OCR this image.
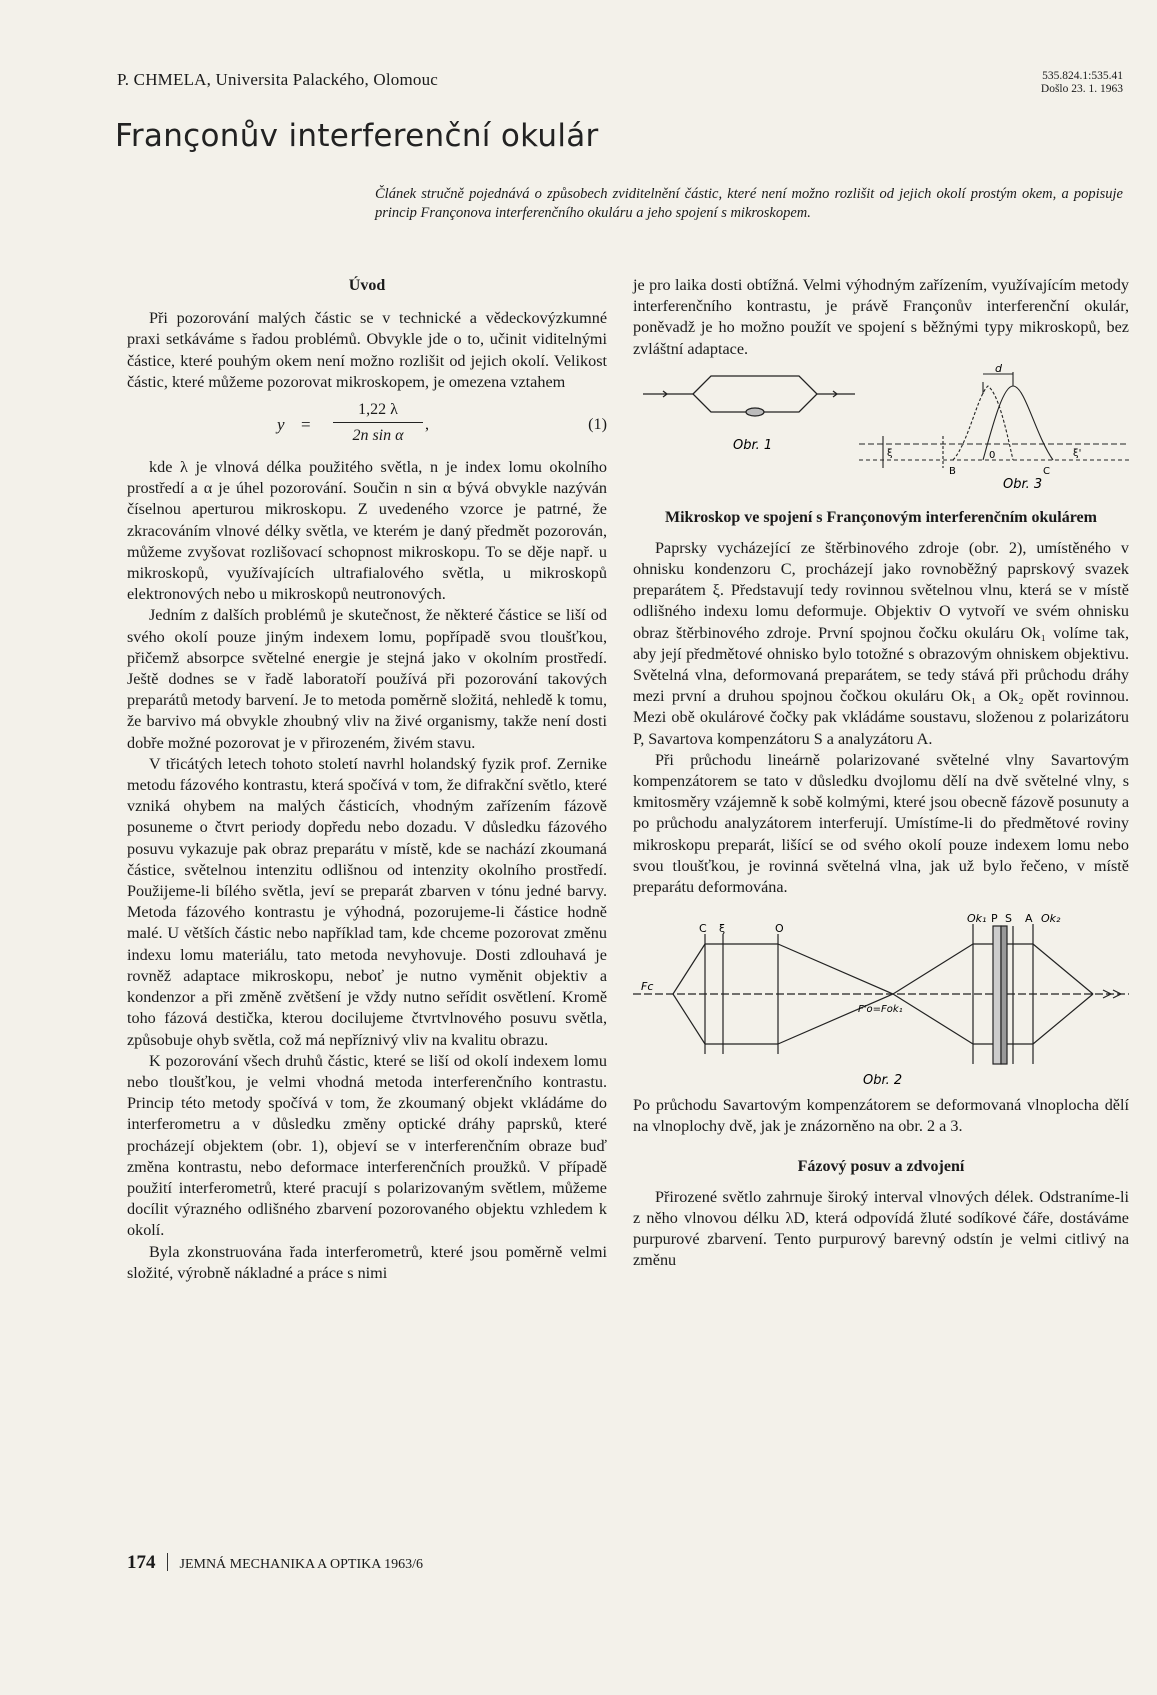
P. CHMELA, Universita Palackého, Olomouc	535.824.1:535.41
Došlo 23. 1. 1963
Françonův interferenční okulár
Článek stručně pojednává o způsobech zviditelnění částic, které není možno rozlišit od jejich okolí prostým okem, a popisuje princip Françonova interferenčního okuláru a jeho spojení s mikroskopem.
Úvod

Při pozorování malých částic se v technické a vědeckovýzkumné praxi setkáváme s řadou problémů. Obvykle jde o to, učinit viditelnými částice, které pouhým okem není možno rozlišit od jejich okolí. Velikost částic, které můžeme pozorovat mikroskopem, je omezena vztahem

$y = \frac{1,22 \lambda}{\text{2n sin α}}$ ,	(1)

kde λ je vlnová délka použitého světla, n je index lomu okolního prostředí a α je úhel pozorování. Součin n sin α bývá obvykle nazýván číselnou aperturou mikroskopu. Z uvedeného vzorce je patrné, že zkracováním vlnové délky světla, ve kterém je daný předmět pozorován, můžeme zvyšovat rozlišovací schopnost mikroskopu. To se děje např. u mikroskopů, využívajících ultrafialového světla, u mikroskopů elektronových nebo u mikroskopů neutronových.

Jedním z dalších problémů je skutečnost, že některé částice se liší od svého okolí pouze jiným indexem lomu, popřípadě svou tloušťkou, přičemž absorpce světelné energie je stejná jako v okolním prostředí. Ještě dodnes se v řadě laboratoří používá při pozorování takových preparátů metody barvení. Je to metoda poměrně složitá, nehledě k tomu, že barvivo má obvykle zhoubný vliv na živé organismy, takže není dosti dobře možné pozorovat je v přirozeném, živém stavu.

V třicátých letech tohoto století navrhl holandský fyzik prof. Zernike metodu fázového kontrastu, která spočívá v tom, že difrakční světlo, které vzniká ohybem na malých částicích, vhodným zařízením fázově posuneme o čtvrt periody dopředu nebo dozadu. V důsledku fázového posuvu vykazuje pak obraz preparátu v místě, kde se nachází zkoumaná částice, světelnou intenzitu odlišnou od intenzity okolního prostředí. Použijeme-li bílého světla, jeví se preparát zbarven v tónu jedné barvy. Metoda fázového kontrastu je výhodná, pozorujeme-li částice hodně malé. U větších částic nebo například tam, kde chceme pozorovat změnu indexu lomu materiálu, tato metoda nevyhovuje. Dosti zdlouhavá je rovněž adaptace mikroskopu, neboť je nutno vyměnit objektiv a kondenzor a při změně zvětšení je vždy nutno seřídit osvětlení. Kromě toho fázová destička, kterou docilujeme čtvrtvlnového posuvu světla, způsobuje ohyb světla, což má nepříznivý vliv na kvalitu obrazu.

K pozorování všech druhů částic, které se liší od okolí indexem lomu nebo tloušťkou, je velmi vhodná metoda interferenčního kontrastu. Princip této metody spočívá v tom, že zkoumaný objekt vkládáme do interferometru a v důsledku změny optické dráhy paprsků, které procházejí objektem (obr. 1), objeví se v interferenčním obraze buď změna kontrastu, nebo deformace interferenčních proužků. V případě použití interferometrů, které pracují s polarizovaným světlem, můžeme docílit výrazného odlišného zbarvení pozorovaného objektu vzhledem k okolí.

Byla zkonstruována řada interferometrů, které jsou poměrně velmi složité, výrobně nákladné a práce s nimi

je pro laika dosti obtížná. Velmi výhodným zařízením, využívajícím metody interferenčního kontrastu, je právě Françonův interferenční okulár, poněvadž je ho možno použít ve spojení s běžnými typy mikroskopů, bez zvláštní adaptace.

Obr. 1
d
0
B	C
ξ	ξ'
Obr. 3
Mikroskop ve spojení s Françonovým interferenčním okulárem

Paprsky vycházející ze štěrbinového zdroje (obr. 2), umístěného v ohnisku kondenzoru C, procházejí jako rovnoběžný paprskový svazek preparátem ξ. Představují tedy rovinnou světelnou vlnu, která se v místě odlišného indexu lomu deformuje. Objektiv O vytvoří ve svém ohnisku obraz štěrbinového zdroje. První spojnou čočku okuláru Ok₁ volíme tak, aby její předmětové ohnisko bylo totožné s obrazovým ohniskem objektivu. Světelná vlna, deformovaná preparátem, se tedy stává při průchodu dráhy mezi první a druhou spojnou čočkou okuláru Ok₁ a Ok₂ opět rovinnou. Mezi obě okulárové čočky pak vkládáme soustavu, složenou z polarizátoru P, Savartova kompenzátoru S a analyzátoru A.

Při průchodu lineárně polarizované světelné vlny Savartovým kompenzátorem se tato v důsledku dvojlomu dělí na dvě světelné vlny, s kmitosměry vzájemně k sobě kolmými, které jsou obecně fázově posunuty a po průchodu analyzátorem interferují. Umístíme-li do předmětové roviny mikroskopu preparát, lišící se od svého okolí pouze indexem lomu nebo svou tloušťkou, je rovinná světelná vlna, jak už bylo řečeno, v místě preparátu deformována.

Ok₁ P S A Ok₂
C ξ	O
Fc
F'o=Fok₁
Obr. 2

Po průchodu Savartovým kompenzátorem se deformovaná vlnoplocha dělí na vlnoplochy dvě, jak je znázorněno na obr. 2 a 3.

Fázový posuv a zdvojení

Přirozené světlo zahrnuje široký interval vlnových délek. Odstraníme-li z něho vlnovou délku λD, která odpovídá žluté sodíkové čáře, dostáváme purpurové zbarvení. Tento purpurový barevný odstín je velmi citlivý na změnu

174 JEMNÁ MECHANIKA A OPTIKA 1963/6
